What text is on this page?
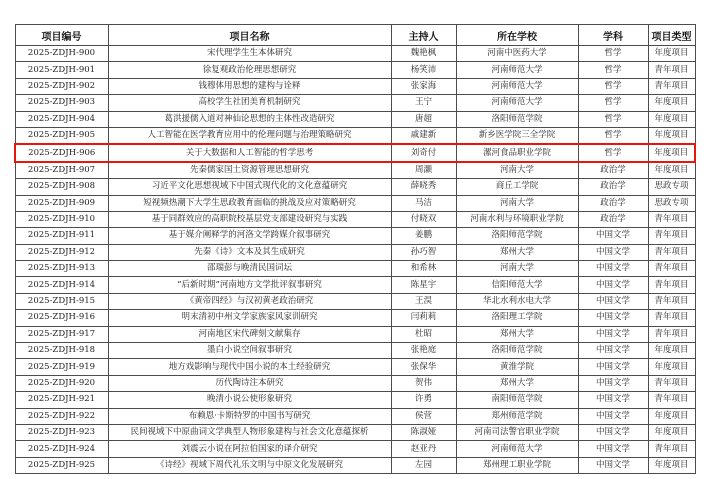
项目编号	项目名称	主持人	所在学校	学科	项目类型
2025-ZDJH-900	宋代理学生生本体研究	魏艳枫	河南中医药大学	哲学	年度项目
2025-ZDJH-901	徐复观政治伦理思想研究	杨笑沛	河南师范大学	哲学	青年项目
2025-ZDJH-902	钱穆体用思想的建构与诠释	张家海	河南师范大学	哲学	青年项目
2025-ZDJH-903	高校学生社团美育机制研究	王宁	河南师范大学	哲学	年度项目
2025-ZDJH-904	葛洪援儒入道对神仙论思想的主体性改造研究	唐超	洛阳师范学院	哲学	年度项目
2025-ZDJH-905	人工智能在医学教育应用中的伦理问题与治理策略研究	戚建新	新乡医学院三全学院	哲学	年度项目
2025-ZDJH-906	关于大数据和人工智能的哲学思考	刘奇付	漯河食品职业学院	哲学	年度项目
2025-ZDJH-907	先秦儒家国土资源管理思想研究	周灏	河南大学	政治学	年度项目
2025-ZDJH-908	习近平文化思想视域下中国式现代化的文化意蕴研究	薛晓秀	商丘工学院	政治学	思政专项
2025-ZDJH-909	短视频热潮下大学生思政教育面临的挑战及应对策略研究	马洁	河南大学	政治学	思政专项
2025-ZDJH-910	基于同群效应的高职院校基层党支部建设研究与实践	付晓双	河南水利与环境职业学院	政治学	青年项目
2025-ZDJH-911	基于媒介阐释学的河洛文学跨媒介叙事研究	姜鹏	洛阳师范学院	中国文学	青年项目
2025-ZDJH-912	先秦《诗》文本及其生成研究	孙巧智	郑州大学	中国文学	青年项目
2025-ZDJH-913	邵瑞彭与晚清民国词坛	和希林	河南大学	中国文学	青年项目
2025-ZDJH-914	“后新时期”河南地方文学批评叙事研究	陈星宇	信阳师范大学	中国文学	青年项目
2025-ZDJH-915	《黄帝四经》与汉初黄老政治研究	王淏	华北水利水电大学	中国文学	青年项目
2025-ZDJH-916	明末清初中州文学家族家风家训研究	闫莉莉	洛阳理工学院	中国文学	青年项目
2025-ZDJH-917	河南地区宋代碑刻文献集存	杜昭	郑州大学	中国文学	青年项目
2025-ZDJH-918	墨白小说空间叙事研究	张艳庭	洛阳师范学院	中国文学	年度项目
2025-ZDJH-919	地方戏影响与现代中国小说的本土经验研究	张保华	黄淮学院	中国文学	年度项目
2025-ZDJH-920	历代陶诗注本研究	贺伟	郑州大学	中国文学	青年项目
2025-ZDJH-921	晚清小说公使形象研究	许勇	南阳师范学院	中国文学	青年项目
2025-ZDJH-922	布赖恩·卡斯特罗的中国书写研究	侯营	郑州师范学院	中国文学	年度项目
2025-ZDJH-923	民间视域下中原曲词文学典型人物形象建构与社会文化意蕴探析	陈淑娅	河南司法警官职业学院	中国文学	年度项目
2025-ZDJH-924	刘震云小说在阿拉伯国家的译介研究	赵亚丹	河南师范大学	中国文学	青年项目
2025-ZDJH-925	《诗经》视域下周代礼乐文明与中原文化发展研究	左园	郑州理工职业学院	中国文学	年度项目
